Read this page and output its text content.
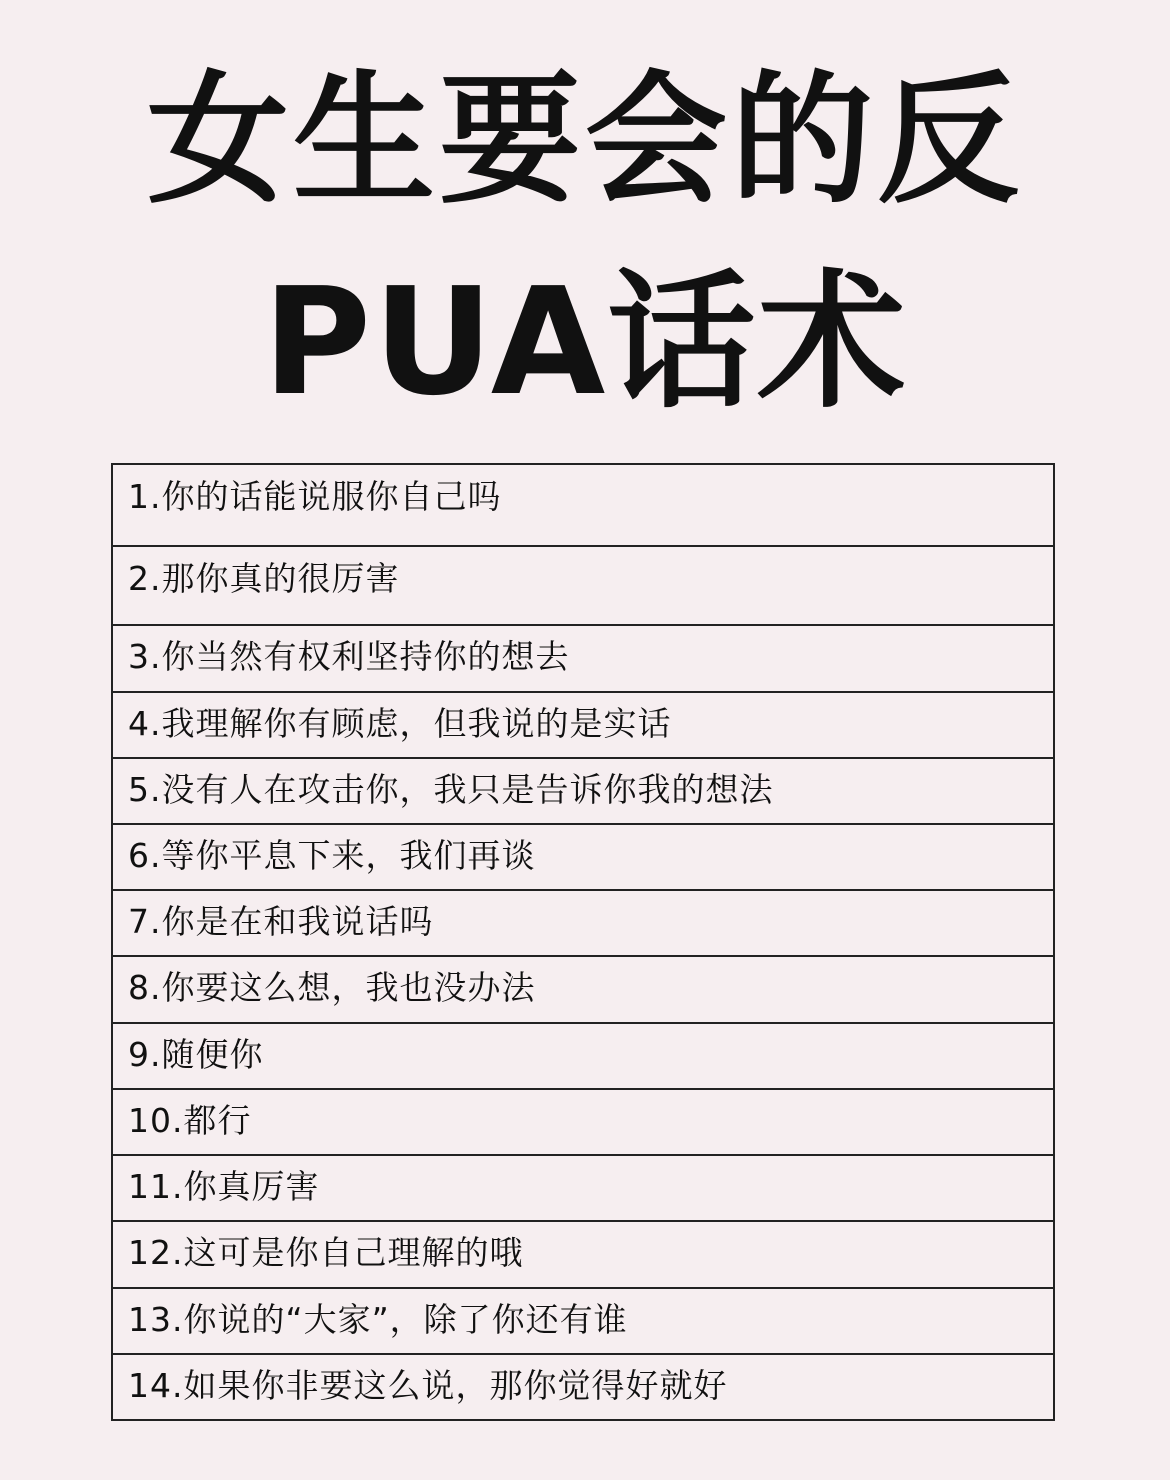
女生要会的反
PUA话术
1.你的话能说服你自己吗
2.那你真的很厉害
3.你当然有权利坚持你的想去
4.我理解你有顾虑，但我说的是实话
5.没有人在攻击你，我只是告诉你我的想法
6.等你平息下来，我们再谈
7.你是在和我说话吗
8.你要这么想，我也没办法
9.随便你
10.都行
11.你真厉害
12.这可是你自己理解的哦
13.你说的“大家”，除了你还有谁
14.如果你非要这么说，那你觉得好就好
